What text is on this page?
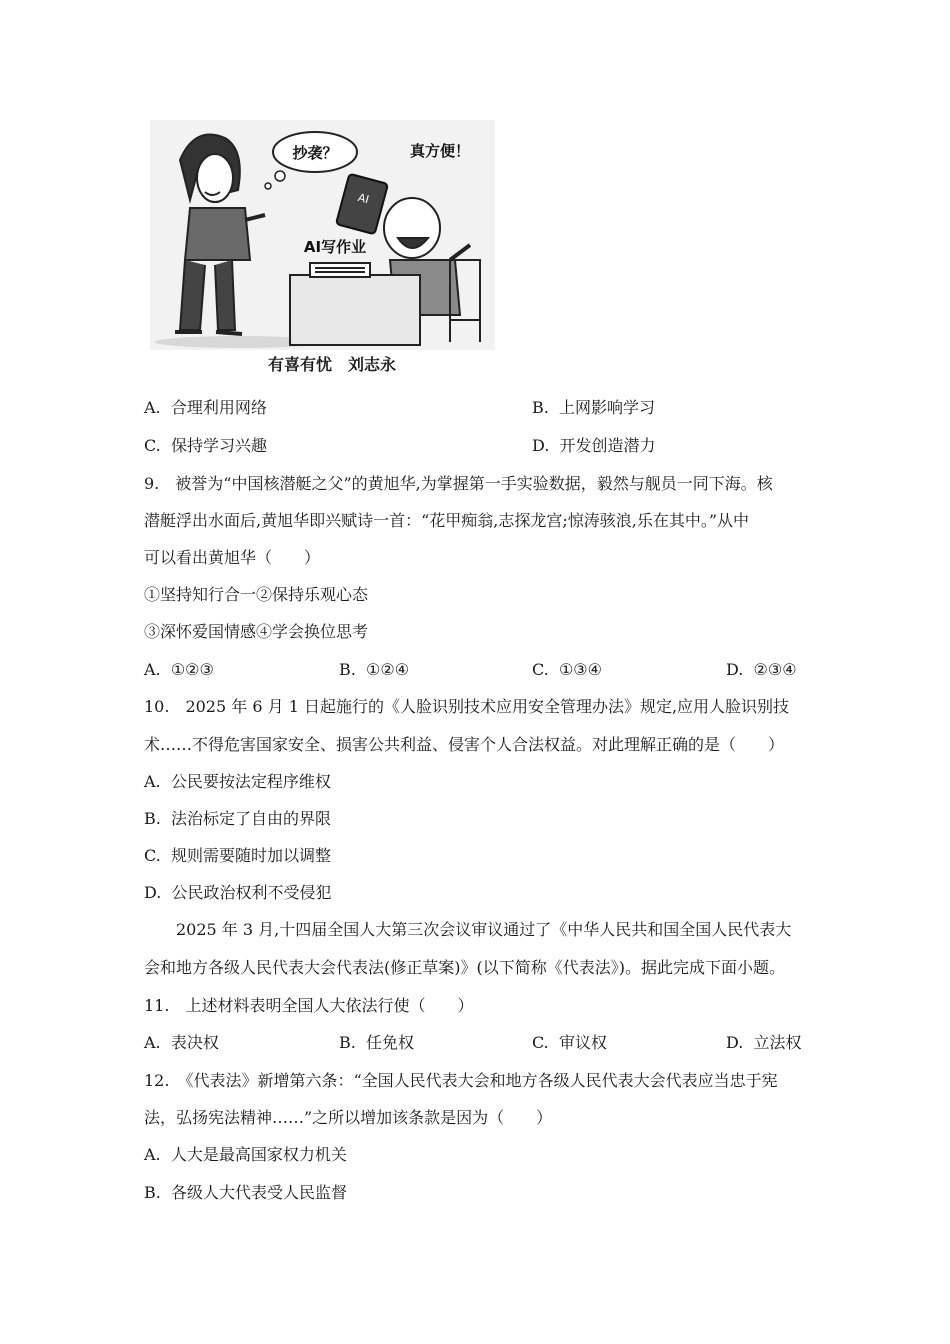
抄袭？	真方便！
AI写作业
AI
有喜有忧　刘志永
A. 合理利用网络	B. 上网影响学习
C. 保持学习兴趣	D. 开发创造潜力
9.　被誉为“中国核潜艇之父”的黄旭华,为掌握第一手实验数据，毅然与舰员一同下海。核
潜艇浮出水面后,黄旭华即兴赋诗一首：“花甲痴翁,志探龙宫;惊涛骇浪,乐在其中。”从中
可以看出黄旭华（　　）
①坚持知行合一②保持乐观心态
③深怀爱国情感④学会换位思考
A. ①②③	B. ①②④	C. ①③④	D. ②③④
10.　2025 年 6 月 1 日起施行的《人脸识别技术应用安全管理办法》规定,应用人脸识别技
术……不得危害国家安全、损害公共利益、侵害个人合法权益。对此理解正确的是（　　）
A. 公民要按法定程序维权
B. 法治标定了自由的界限
C. 规则需要随时加以调整
D. 公民政治权利不受侵犯
2025 年 3 月,十四届全国人大第三次会议审议通过了《中华人民共和国全国人民代表大
会和地方各级人民代表大会代表法(修正草案)》(以下简称《代表法》)。据此完成下面小题。
11.　上述材料表明全国人大依法行使（　　）
A. 表决权	B. 任免权	C. 审议权	D. 立法权
12.　《代表法》新增第六条：“全国人民代表大会和地方各级人民代表大会代表应当忠于宪
法，弘扬宪法精神……”之所以增加该条款是因为（　　）
A. 人大是最高国家权力机关
B. 各级人大代表受人民监督
